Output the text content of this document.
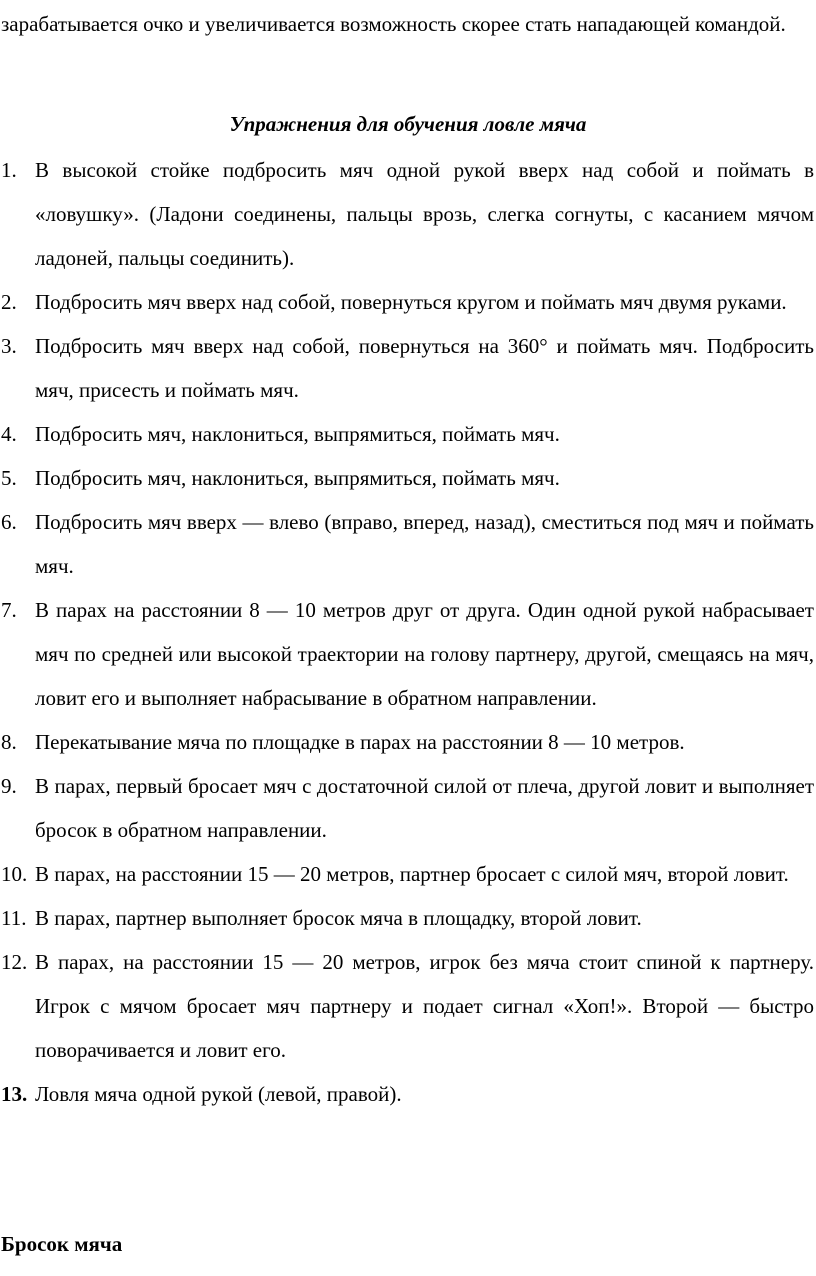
зарабатывается очко и увеличивается возможность скорее стать нападающей командой.

Упражнения для обучения ловле мяча

1. В высокой стойке подбросить мяч одной рукой вверх над собой и поймать в «ловушку». (Ладони соединены, пальцы врозь, слегка согнуты, с касанием мячом ладоней, пальцы соединить).
2. Подбросить мяч вверх над собой, повернуться кругом и поймать мяч двумя руками.
3. Подбросить мяч вверх над собой, повернуться на 360° и поймать мяч. Подбросить мяч, присесть и поймать мяч.
4. Подбросить мяч, наклониться, выпрямиться, поймать мяч.
5. Подбросить мяч, наклониться, выпрямиться, поймать мяч.
6. Подбросить мяч вверх — влево (вправо, вперед, назад), сместиться под мяч и поймать мяч.
7. В парах на расстоянии 8 — 10 метров друг от друга. Один одной рукой набрасывает мяч по средней или высокой траектории на голову партнеру, другой, смещаясь на мяч, ловит его и выполняет набрасывание в обратном направлении.
8. Перекатывание мяча по площадке в парах на расстоянии 8 — 10 метров.
9. В парах, первый бросает мяч с достаточной силой от плеча, другой ловит и выполняет бросок в обратном направлении.
10. В парах, на расстоянии 15 — 20 метров, партнер бросает с силой мяч, второй ловит.
11. В парах, партнер выполняет бросок мяча в площадку, второй ловит.
12. В парах, на расстоянии 15 — 20 метров, игрок без мяча стоит спиной к партнеру. Игрок с мячом бросает мяч партнеру и подает сигнал «Хоп!». Второй — быстро поворачивается и ловит его.
13. Ловля мяча одной рукой (левой, правой).

Бросок мяча
